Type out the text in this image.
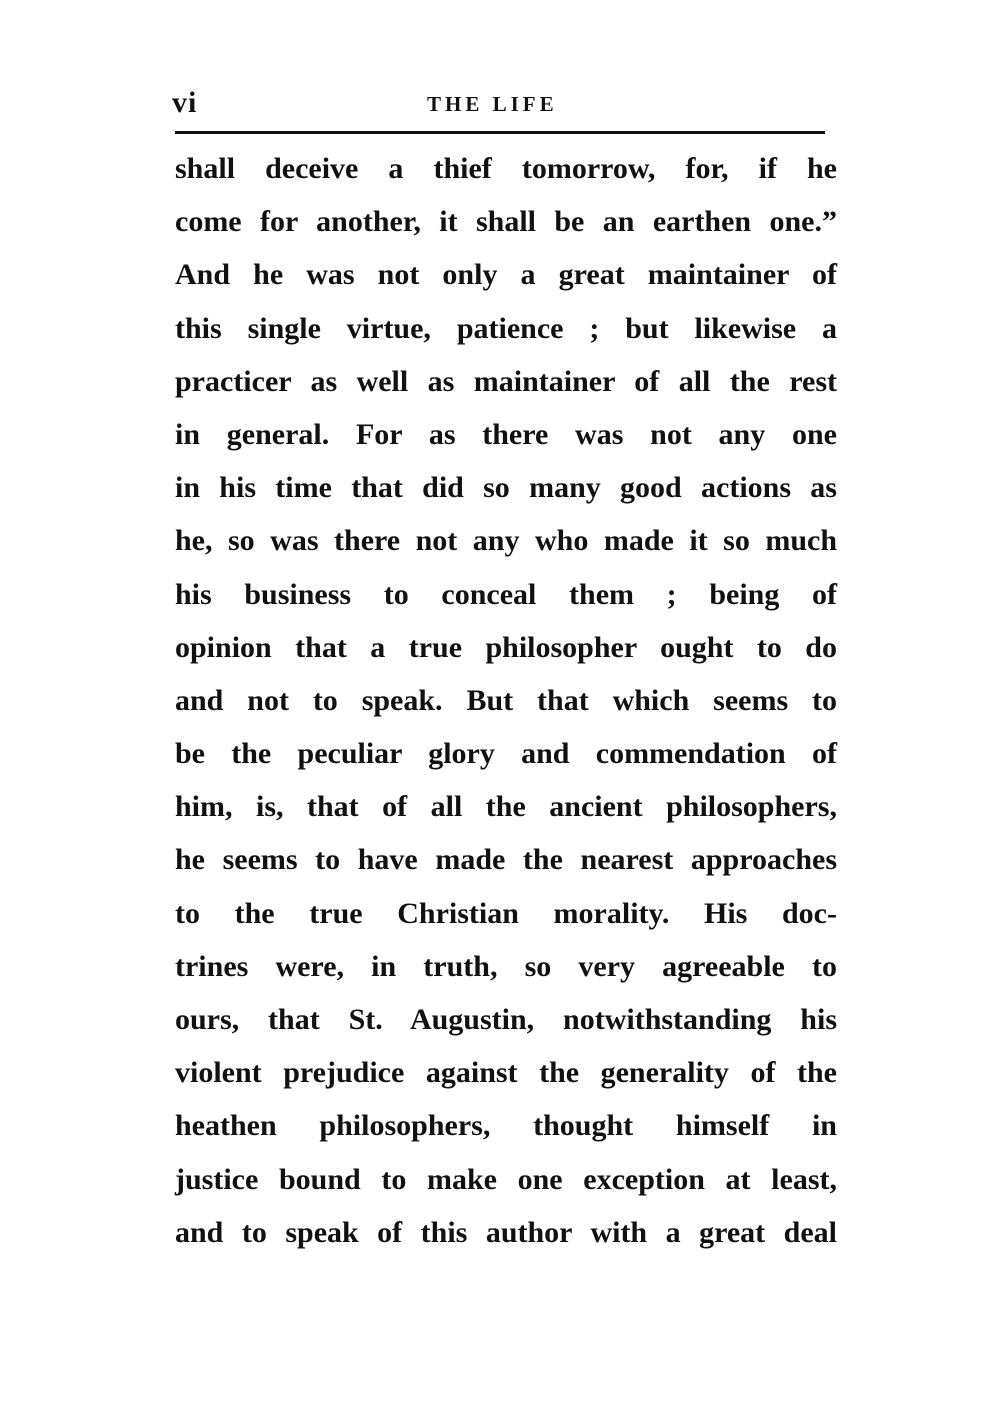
vi	THE LIFE
shall deceive a thief tomorrow, for, if he
come for another, it shall be an earthen one.”
And he was not only a great maintainer of
this single virtue, patience ; but likewise a
practicer as well as maintainer of all the rest
in general. For as there was not any one
in his time that did so many good actions as
he, so was there not any who made it so much
his business to conceal them ; being of
opinion that a true philosopher ought to do
and not to speak. But that which seems to
be the peculiar glory and commendation of
him, is, that of all the ancient philosophers,
he seems to have made the nearest approaches
to the true Christian morality. His doc-
trines were, in truth, so very agreeable to
ours, that St. Augustin, notwithstanding his
violent prejudice against the generality of the
heathen philosophers, thought himself in
justice bound to make one exception at least,
and to speak of this author with a great deal
